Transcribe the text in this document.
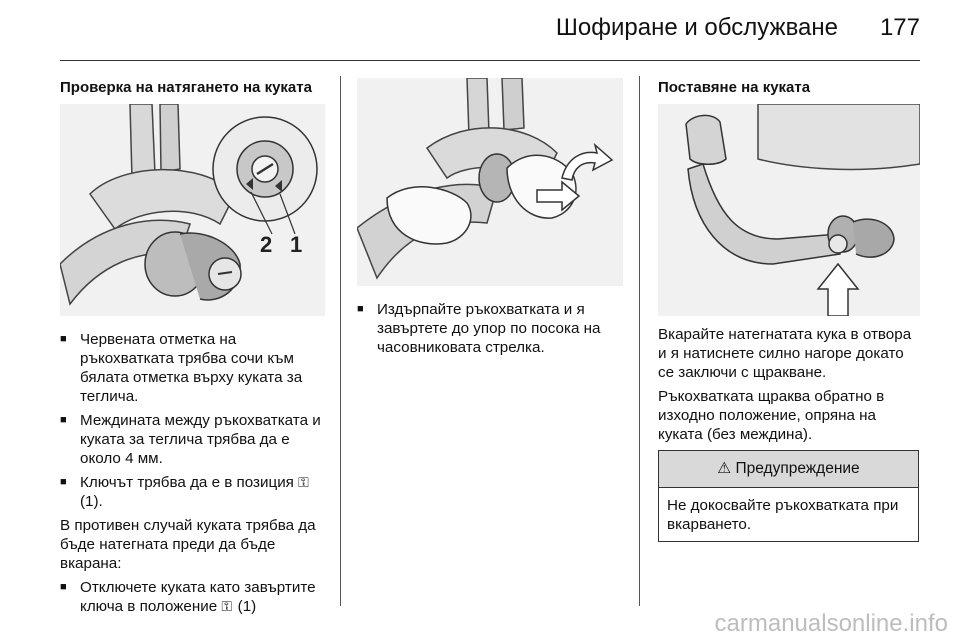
Шофиране и обслужване 177
Проверка на натягането на куката
2 1
■ Червената отметка на ръкохватката трябва сочи към бялата отметка върху куката за теглича.
■ Междината между ръкохватката и куката за теглича трябва да е около 4 мм.
■ Ключът трябва да е в позиция ⚿
(1).

В противен случай куката трябва да бъде натегната преди да бъде вкарана:

■ Отключете куката като завъртите ключа в положение ⚿ (1)
■ Издърпайте ръкохватката и я завъртете до упор по посока на часовниковата стрелка.
Поставяне на куката

Вкарайте натегнатата кука в отвора и я натиснете силно нагоре докато се заключи с щракване.

Ръкохватката щраква обратно в изходно положение, опряна на куката (без междина).

⚠ Предупреждение
Не докосвайте ръкохватката при вкарването.
carmanualsonline.info
